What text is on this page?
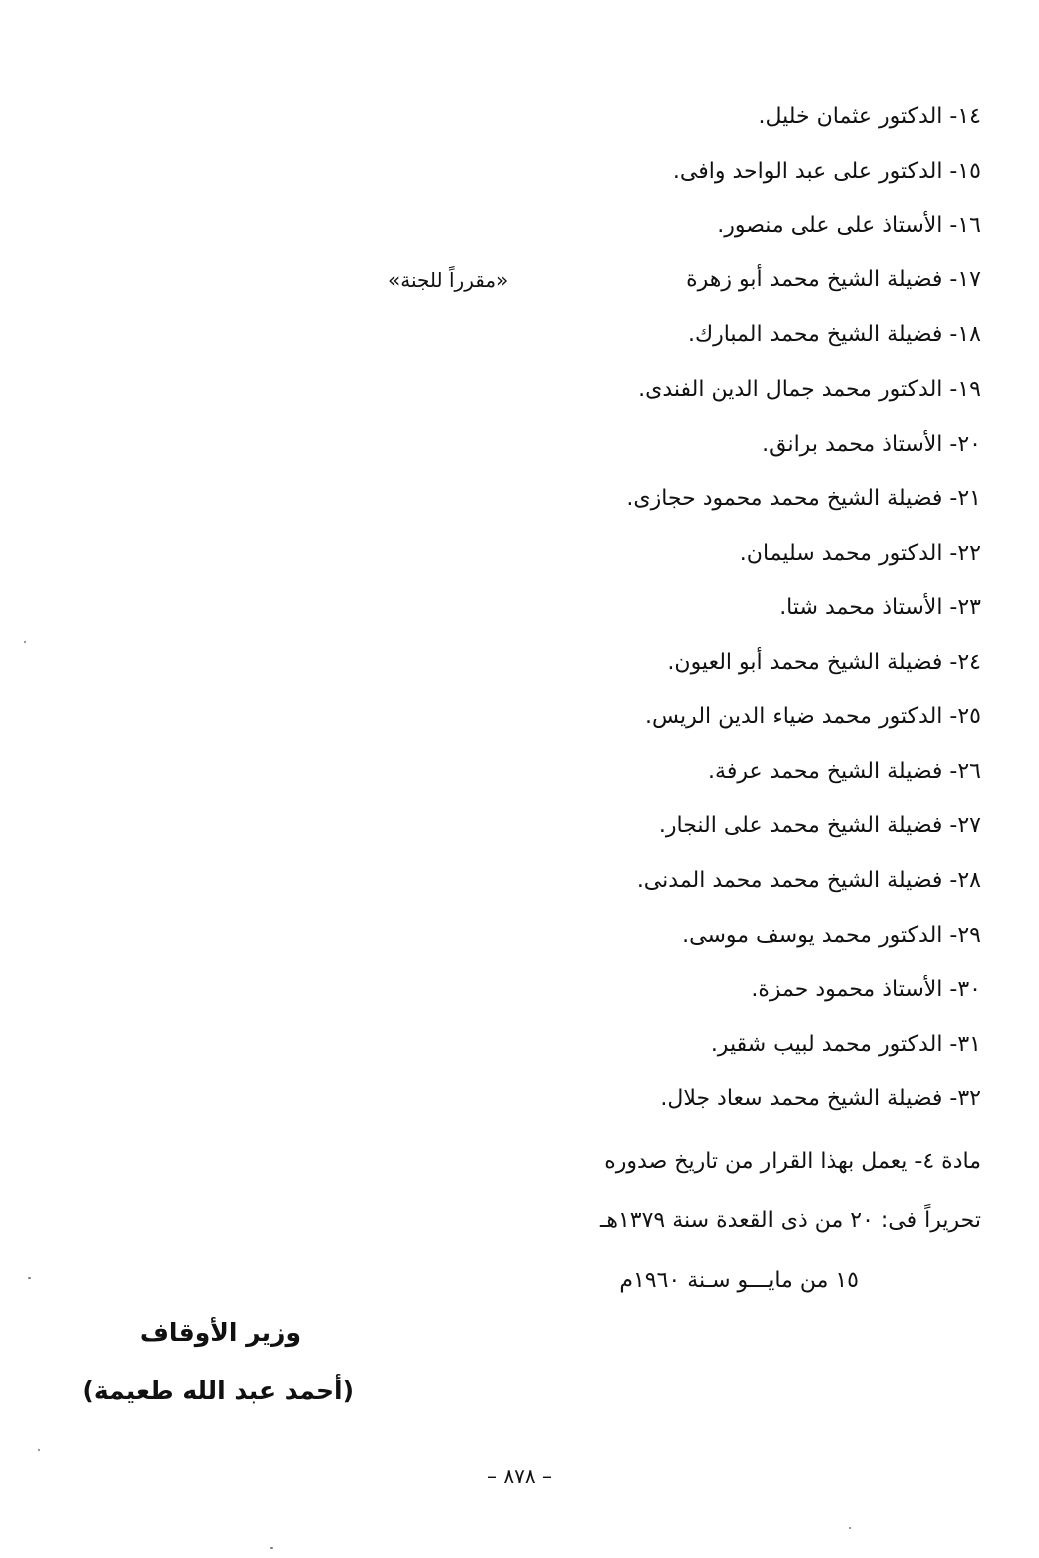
١٤- الدكتور عثمان خليل.
١٥- الدكتور على عبد الواحد وافى.
١٦- الأستاذ على على منصور.
١٧- فضيلة الشيخ محمد أبو زهرة
«مقرراً للجنة»
١٨- فضيلة الشيخ محمد المبارك.
١٩- الدكتور محمد جمال الدين الفندى.
٢٠- الأستاذ محمد برانق.
٢١- فضيلة الشيخ محمد محمود حجازى.
٢٢- الدكتور محمد سليمان.
٢٣- الأستاذ محمد شتا.
٢٤- فضيلة الشيخ محمد أبو العيون.
٢٥- الدكتور محمد ضياء الدين الريس.
٢٦- فضيلة الشيخ محمد عرفة.
٢٧- فضيلة الشيخ محمد على النجار.
٢٨- فضيلة الشيخ محمد محمد المدنى.
٢٩- الدكتور محمد يوسف موسى.
٣٠- الأستاذ محمود حمزة.
٣١- الدكتور محمد لبيب شقير.
٣٢- فضيلة الشيخ محمد سعاد جلال.
مادة ٤- يعمل بهذا القرار من تاريخ صدوره
تحريراً فى: ٢٠ من ذى القعدة سنة ١٣٧٩هـ
١٥ من مايـــو سـنة ١٩٦٠م
وزير الأوقاف
(أحمد عبد الله طعيمة)
– ٨٧٨ –
